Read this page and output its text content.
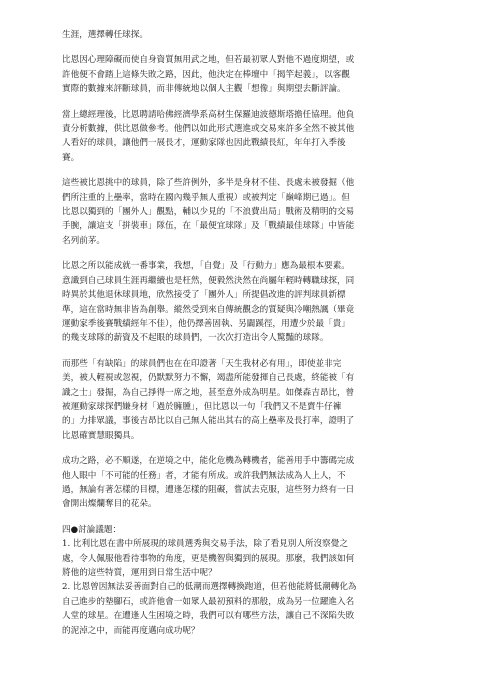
生涯，選擇轉任球探。
比恩因心理障礙而使自身資質無用武之地，但若最初眾人對他不過度期望，或
許他便不會踏上這條失敗之路，因此，他決定在棒壇中「揭竿起義」，以客觀
實際的數據來評斷球員，而非傳統地以個人主觀「想像」與期望去斷評論。
當上總經理後，比恩聘請哈佛經濟學系高材生保羅迪波德斯塔擔任協理。他負
責分析數據，供比恩做參考。他們以如此形式選進或交易來許多全然不被其他
人看好的球員，讓他們一展長才，運動家隊也因此戰績長紅，年年打入季後
賽。
這些被比恩挑中的球員，除了些許例外，多半是身材不佳、長處未被發掘（他
們所注重的上壘率，當時在國內幾乎無人重視）或被判定「巔峰期已過」。但
比恩以獨到的「團外人」觀點，輔以少見的「不浪費出局」戰術及精明的交易
手腕，讓這支「拼裝車」隊伍，在「最便宜球隊」及「戰績最佳球隊」中皆能
名列前茅。
比恩之所以能成就一番事業，我想，「自覺」及「行動力」應為最根本要素。
意識到自己球員生涯再繼續也是枉然，便毅然決然在尚屬年輕時轉職球探，同
時異於其他退休球員地，欣然接受了「團外人」所提倡改進的評判球員新標
準，這在當時無非皆為創舉。縱然受到來自傳統觀念的質疑與冷嘲熱諷（畢竟
運動家季後賽戰績經年不佳），他仍擇善固執、另闢蹊徑，用遭少於最「貴」
的幾支球隊的薪資及不起眼的球員們，一次次打造出令人驚豔的球隊。
而那些「有缺陷」的球員們也在在印證著「天生我材必有用」，即使並非完
美，被人輕視或忽視，仍默默努力不懈，竭盡所能發揮自己長處，終能被「有
識之士」發掘，為自己掙得一席之地，甚至意外成為明星。如傑森吉昂比，曾
被運動家球探們嫌身材「過於臃腫」，但比恩以一句「我們又不是賣牛仔褲
的」力排眾議，事後吉昂比以自己無人能出其右的高上壘率及長打率，證明了
比恩確實慧眼獨具。
成功之路，必不順遂，在逆境之中，能化危機為轉機者，能善用手中籌碼完成
他人眼中「不可能的任務」者，才能有所成。或許我們無法成為人上人，不
過，無論有著怎樣的目標，遭逢怎樣的阻礙，嘗試去克服，這些努力終有一日
會開出燦爛奪目的花朵。
四●討論議題：
1. 比利比恩在書中所展現的球員選秀與交易手法，除了看見別人所沒察覺之
處，令人佩服他看待事物的角度，更是機智與獨到的展現。那麼，我們該如何
將他的這些特質，運用到日常生活中呢？
2. 比恩曾因無法妥善面對自己的低潮而選擇轉換跑道，但若他能將低潮轉化為
自己進步的墊腳石，或許他會一如眾人最初預料的那般，成為另一位躍進入名
人堂的球星。在遭逢人生困境之時，我們可以有哪些方法，讓自己不深陷失敗
的泥淖之中，而能再度邁向成功呢？
